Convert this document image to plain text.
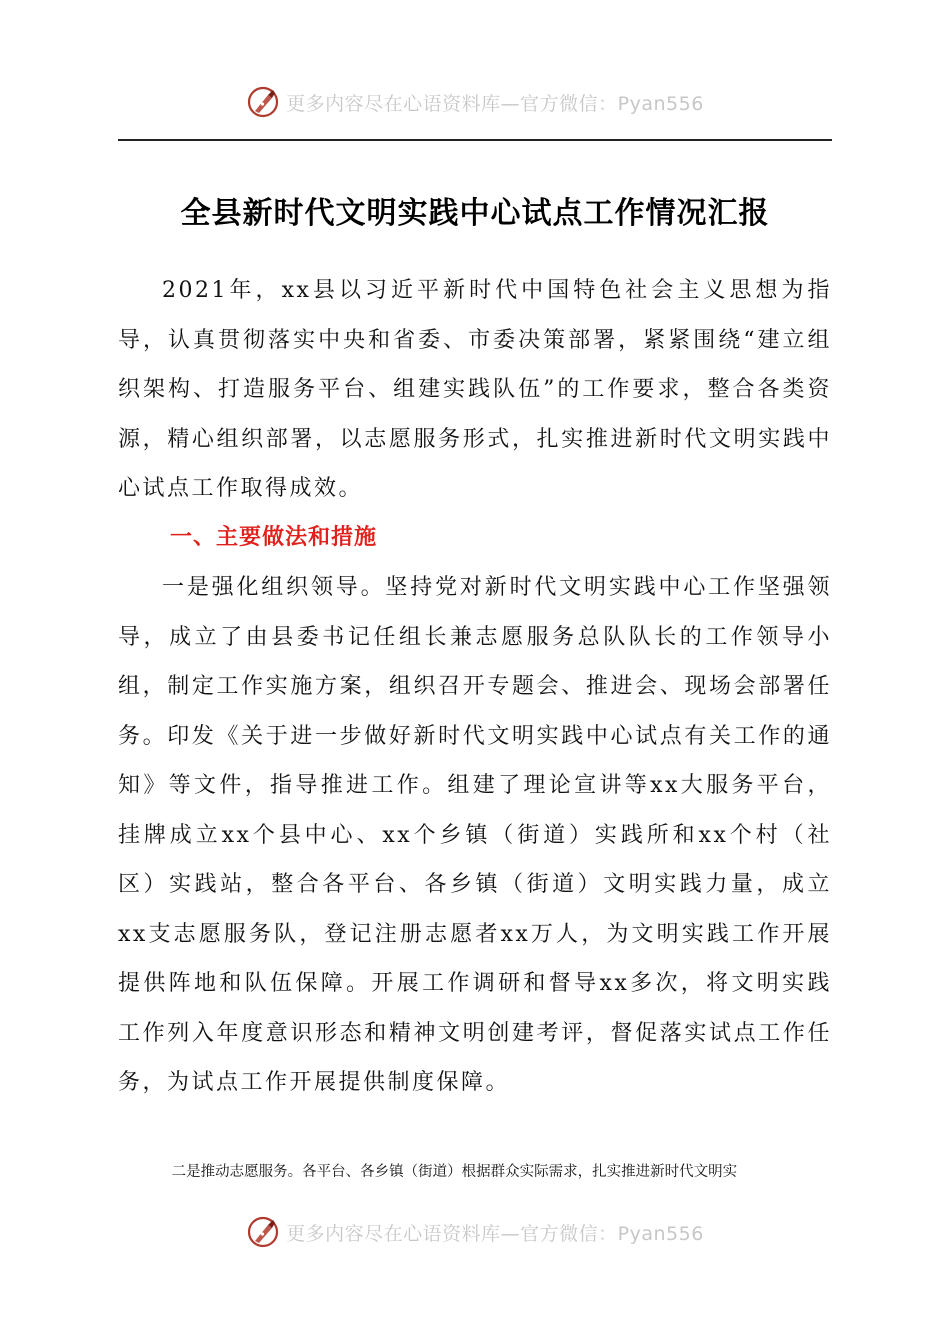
更多内容尽在心语资料库—官方微信：Pyan556
全县新时代文明实践中心试点工作情况汇报

2021年，xx县以习近平新时代中国特色社会主义思想为指导，认真贯彻落实中央和省委、市委决策部署，紧紧围绕“建立组织架构、打造服务平台、组建实践队伍”的工作要求，整合各类资源，精心组织部署，以志愿服务形式，扎实推进新时代文明实践中心试点工作取得成效。

一、主要做法和措施

一是强化组织领导。坚持党对新时代文明实践中心工作坚强领导，成立了由县委书记任组长兼志愿服务总队队长的工作领导小组，制定工作实施方案，组织召开专题会、推进会、现场会部署任务。印发《关于进一步做好新时代文明实践中心试点有关工作的通知》等文件，指导推进工作。组建了理论宣讲等xx大服务平台，挂牌成立xx个县中心、xx个乡镇（街道）实践所和xx个村（社区）实践站，整合各平台、各乡镇（街道）文明实践力量，成立xx支志愿服务队，登记注册志愿者xx万人，为文明实践工作开展提供阵地和队伍保障。开展工作调研和督导xx多次，将文明实践工作列入年度意识形态和精神文明创建考评，督促落实试点工作任务，为试点工作开展提供制度保障。

二是推动志愿服务。各平台、各乡镇（街道）根据群众实际需求，扎实推进新时代文明实

更多内容尽在心语资料库—官方微信：Pyan556
